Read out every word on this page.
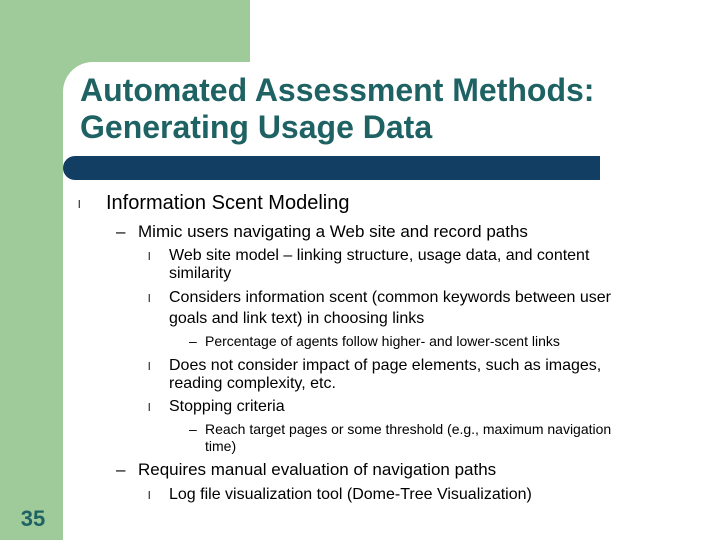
Automated Assessment Methods:
Generating Usage Data
l Information Scent Modeling
– Mimic users navigating a Web site and record paths
l Web site model – linking structure, usage data, and content
similarity
l Considers information scent (common keywords between user
goals and link text) in choosing links
– Percentage of agents follow higher- and lower-scent links
l Does not consider impact of page elements, such as images,
reading complexity, etc.
l Stopping criteria
– Reach target pages or some threshold (e.g., maximum navigation
time)
– Requires manual evaluation of navigation paths
l Log file visualization tool (Dome-Tree Visualization)
35
